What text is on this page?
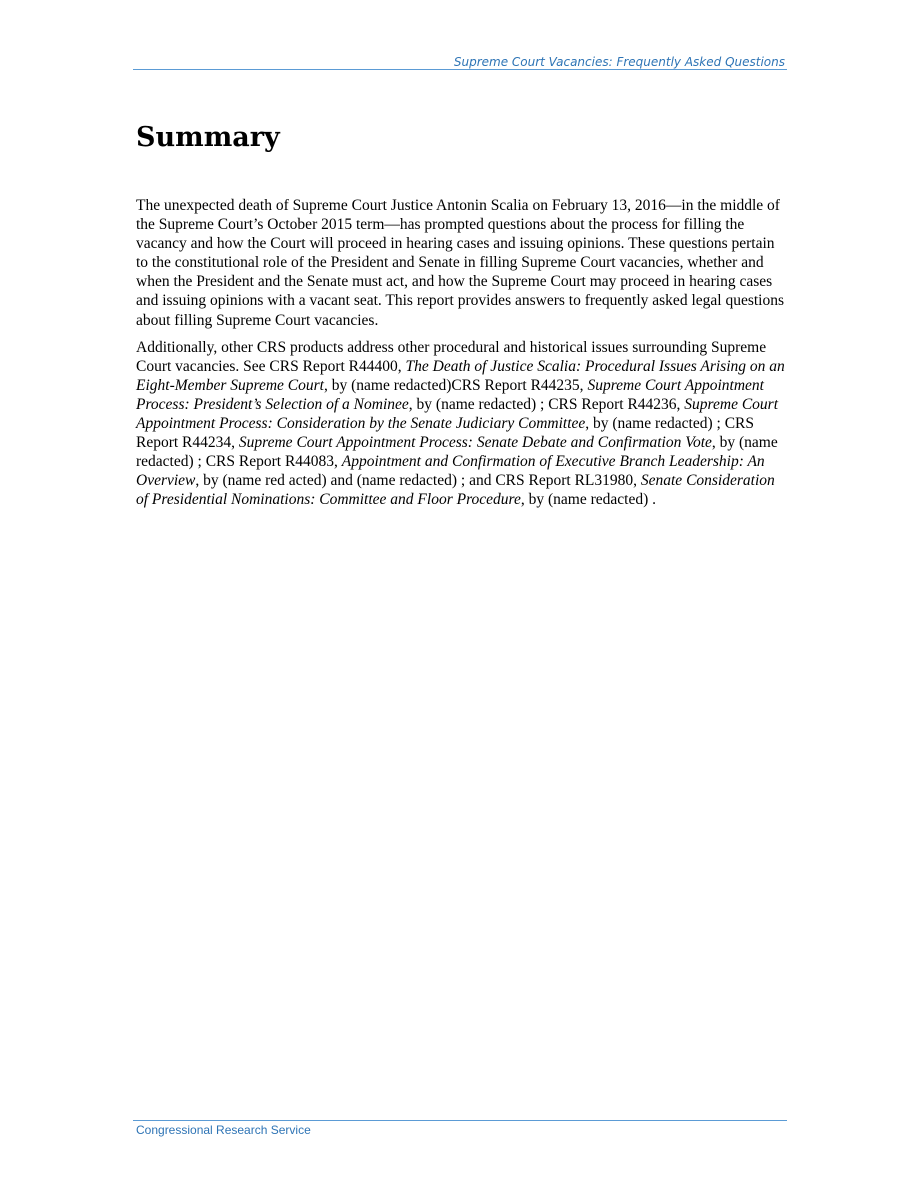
Supreme Court Vacancies: Frequently Asked Questions
Summary

The unexpected death of Supreme Court Justice Antonin Scalia on February 13, 2016—in the middle of the Supreme Court’s October 2015 term—has prompted questions about the process for filling the vacancy and how the Court will proceed in hearing cases and issuing opinions. These questions pertain to the constitutional role of the President and Senate in filling Supreme Court vacancies, whether and when the President and the Senate must act, and how the Supreme Court may proceed in hearing cases and issuing opinions with a vacant seat. This report provides answers to frequently asked legal questions about filling Supreme Court vacancies.

Additionally, other CRS products address other procedural and historical issues surrounding Supreme Court vacancies. See CRS Report R44400, The Death of Justice Scalia: Procedural Issues Arising on an Eight-Member Supreme Court, by (name redacted)CRS Report R44235, Supreme Court Appointment Process: President’s Selection of a Nominee, by (name redacted) ; CRS Report R44236, Supreme Court Appointment Process: Consideration by the Senate Judiciary Committee, by (name redacted) ; CRS Report R44234, Supreme Court Appointment Process: Senate Debate and Confirmation Vote, by (name redacted) ; CRS Report R44083, Appointment and Confirmation of Executive Branch Leadership: An Overview, by (name red acted) and (name redacted) ; and CRS Report RL31980, Senate Consideration of Presidential Nominations: Committee and Floor Procedure, by (name redacted) .

Congressional Research Service
